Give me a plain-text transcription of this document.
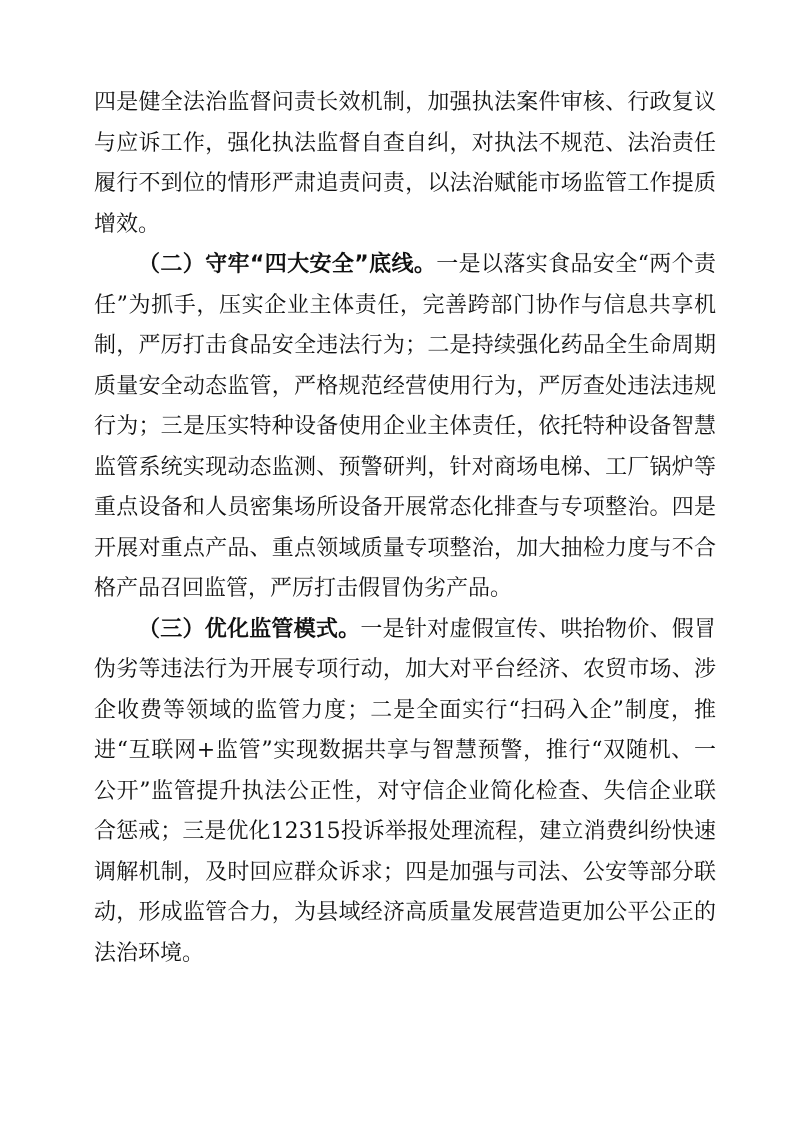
四是健全法治监督问责长效机制，加强执法案件审核、行政复议与应诉工作，强化执法监督自查自纠，对执法不规范、法治责任履行不到位的情形严肃追责问责，以法治赋能市场监管工作提质增效。

（二）守牢“四大安全”底线。一是以落实食品安全“两个责任”为抓手，压实企业主体责任，完善跨部门协作与信息共享机制，严厉打击食品安全违法行为；二是持续强化药品全生命周期质量安全动态监管，严格规范经营使用行为，严厉查处违法违规行为；三是压实特种设备使用企业主体责任，依托特种设备智慧监管系统实现动态监测、预警研判，针对商场电梯、工厂锅炉等重点设备和人员密集场所设备开展常态化排查与专项整治。四是开展对重点产品、重点领域质量专项整治，加大抽检力度与不合格产品召回监管，严厉打击假冒伪劣产品。

（三）优化监管模式。一是针对虚假宣传、哄抬物价、假冒伪劣等违法行为开展专项行动，加大对平台经济、农贸市场、涉企收费等领域的监管力度；二是全面实行“扫码入企”制度，推进“互联网+监管”实现数据共享与智慧预警，推行“双随机、一公开”监管提升执法公正性，对守信企业简化检查、失信企业联合惩戒；三是优化12315投诉举报处理流程，建立消费纠纷快速调解机制，及时回应群众诉求；四是加强与司法、公安等部分联动，形成监管合力，为县域经济高质量发展营造更加公平公正的法治环境。
